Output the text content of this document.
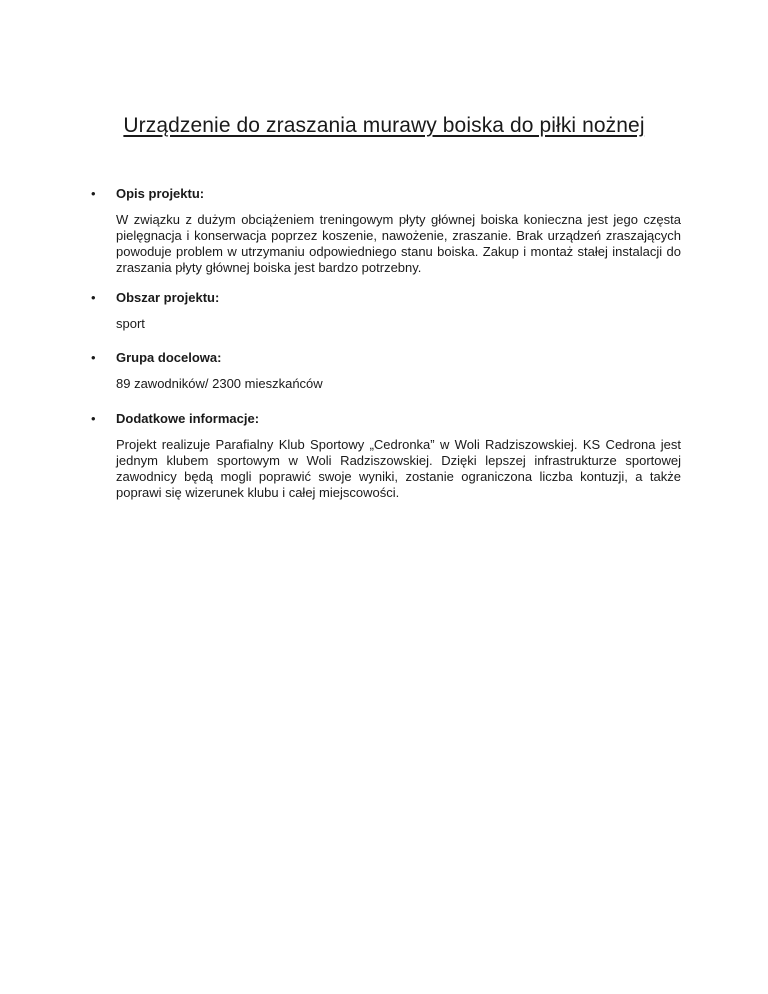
Urządzenie do zraszania murawy boiska do piłki nożnej
• Opis projektu:
W związku z dużym obciążeniem treningowym płyty głównej boiska konieczna jest jego częsta pielęgnacja i konserwacja poprzez koszenie, nawożenie, zraszanie. Brak urządzeń zraszających powoduje problem w utrzymaniu odpowiedniego stanu boiska. Zakup i montaż stałej instalacji do zraszania płyty głównej boiska jest bardzo potrzebny.
• Obszar projektu:
sport
• Grupa docelowa:
89 zawodników/ 2300 mieszkańców
• Dodatkowe informacje:
Projekt realizuje Parafialny Klub Sportowy „Cedronka” w Woli Radziszowskiej. KS Cedrona jest jednym klubem sportowym w Woli Radziszowskiej. Dzięki lepszej infrastrukturze sportowej zawodnicy będą mogli poprawić swoje wyniki, zostanie ograniczona liczba kontuzji, a także poprawi się wizerunek klubu i całej miejscowości.
